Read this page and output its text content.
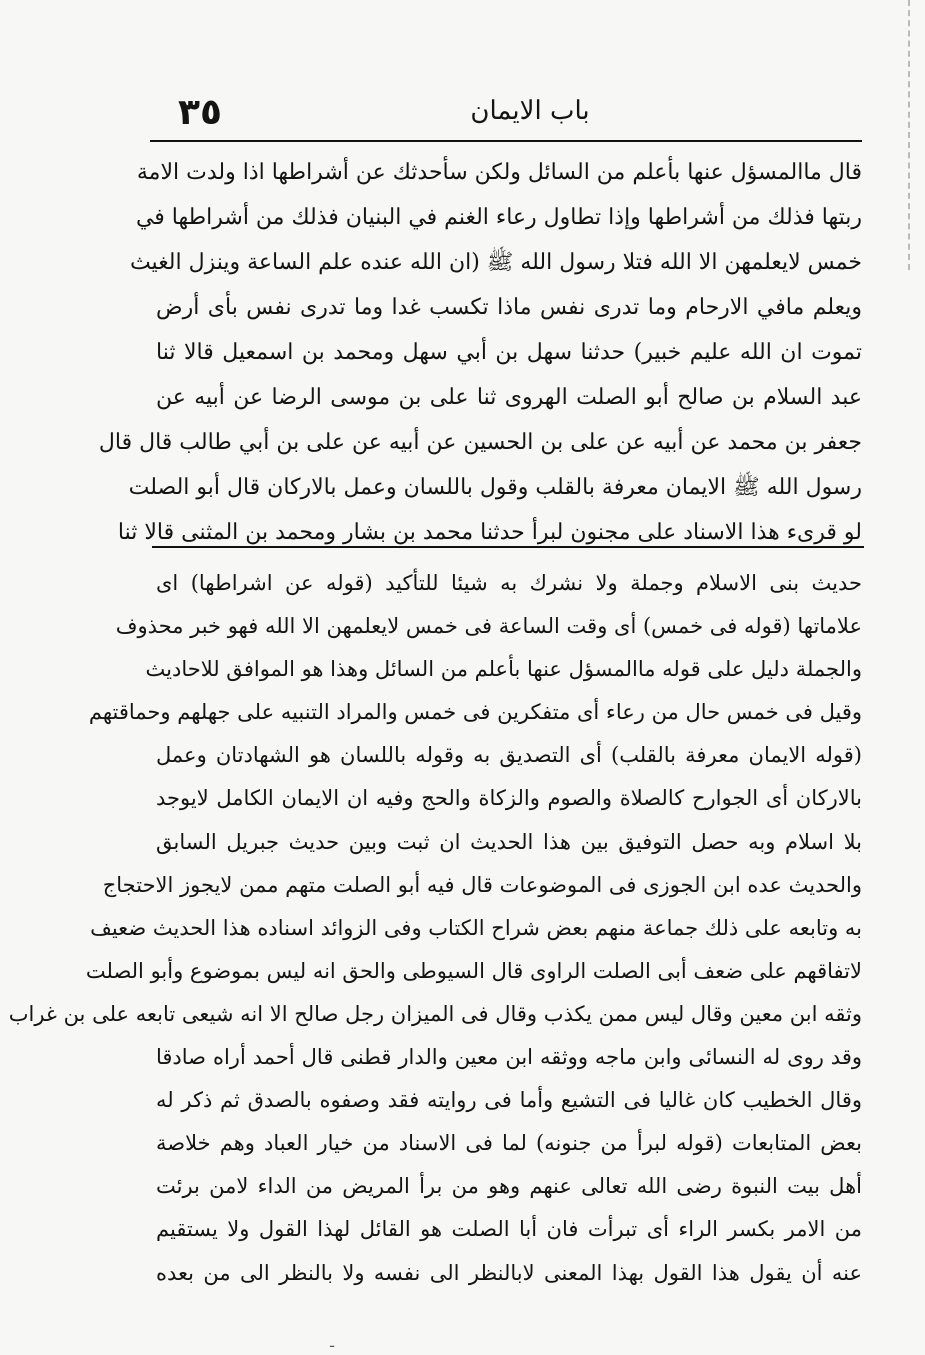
٣٥	باب الايمان
قال ماالمسؤل عنها بأعلم من السائل ولكن سأحدثك عن أشراطها اذا ولدت الامة
ربتها فذلك من أشراطها وإذا تطاول رعاء الغنم في البنيان فذلك من أشراطها في
خمس لايعلمهن الا الله فتلا رسول الله ﷺ (ان الله عنده علم الساعة وينزل الغيث
ويعلم مافي الارحام وما تدرى نفس ماذا تكسب غدا وما تدرى نفس بأى أرض
تموت ان الله عليم خبير) حدثنا سهل بن أبي سهل ومحمد بن اسمعيل قالا ثنا
عبد السلام بن صالح أبو الصلت الهروى ثنا على بن موسى الرضا عن أبيه عن
جعفر بن محمد عن أبيه عن على بن الحسين عن أبيه عن على بن أبي طالب قال قال
رسول الله ﷺ الايمان معرفة بالقلب وقول باللسان وعمل بالاركان قال أبو الصلت
لو قرىء هذا الاسناد على مجنون لبرأ حدثنا محمد بن بشار ومحمد بن المثنى قالا ثنا
حديث بنى الاسلام وجملة ولا نشرك به شيئا للتأكيد (قوله عن اشراطها) اى
علاماتها (قوله فى خمس) أى وقت الساعة فى خمس لايعلمهن الا الله فهو خبر محذوف
والجملة دليل على قوله ماالمسؤل عنها بأعلم من السائل وهذا هو الموافق للاحاديث
وقيل فى خمس حال من رعاء أى متفكرين فى خمس والمراد التنبيه على جهلهم وحماقتهم
(قوله الايمان معرفة بالقلب) أى التصديق به وقوله باللسان هو الشهادتان وعمل
بالاركان أى الجوارح كالصلاة والصوم والزكاة والحج وفيه ان الايمان الكامل لايوجد
بلا اسلام وبه حصل التوفيق بين هذا الحديث ان ثبت وبين حديث جبريل السابق
والحديث عده ابن الجوزى فى الموضوعات قال فيه أبو الصلت متهم ممن لايجوز الاحتجاج
به وتابعه على ذلك جماعة منهم بعض شراح الكتاب وفى الزوائد اسناده هذا الحديث ضعيف
لاتفاقهم على ضعف أبى الصلت الراوى قال السيوطى والحق انه ليس بموضوع وأبو الصلت
وثقه ابن معين وقال ليس ممن يكذب وقال فى الميزان رجل صالح الا انه شيعى تابعه على بن غراب
وقد روى له النسائى وابن ماجه ووثقه ابن معين والدار قطنى قال أحمد أراه صادقا
وقال الخطيب كان غاليا فى التشيع وأما فى روايته فقد وصفوه بالصدق ثم ذكر له
بعض المتابعات (قوله لبرأ من جنونه) لما فى الاسناد من خيار العباد وهم خلاصة
أهل بيت النبوة رضى الله تعالى عنهم وهو من برأ المريض من الداء لامن برئت
من الامر بكسر الراء أى تبرأت فان أبا الصلت هو القائل لهذا القول ولا يستقيم
عنه أن يقول هذا القول بهذا المعنى لابالنظر الى نفسه ولا بالنظر الى من بعده
ـ
